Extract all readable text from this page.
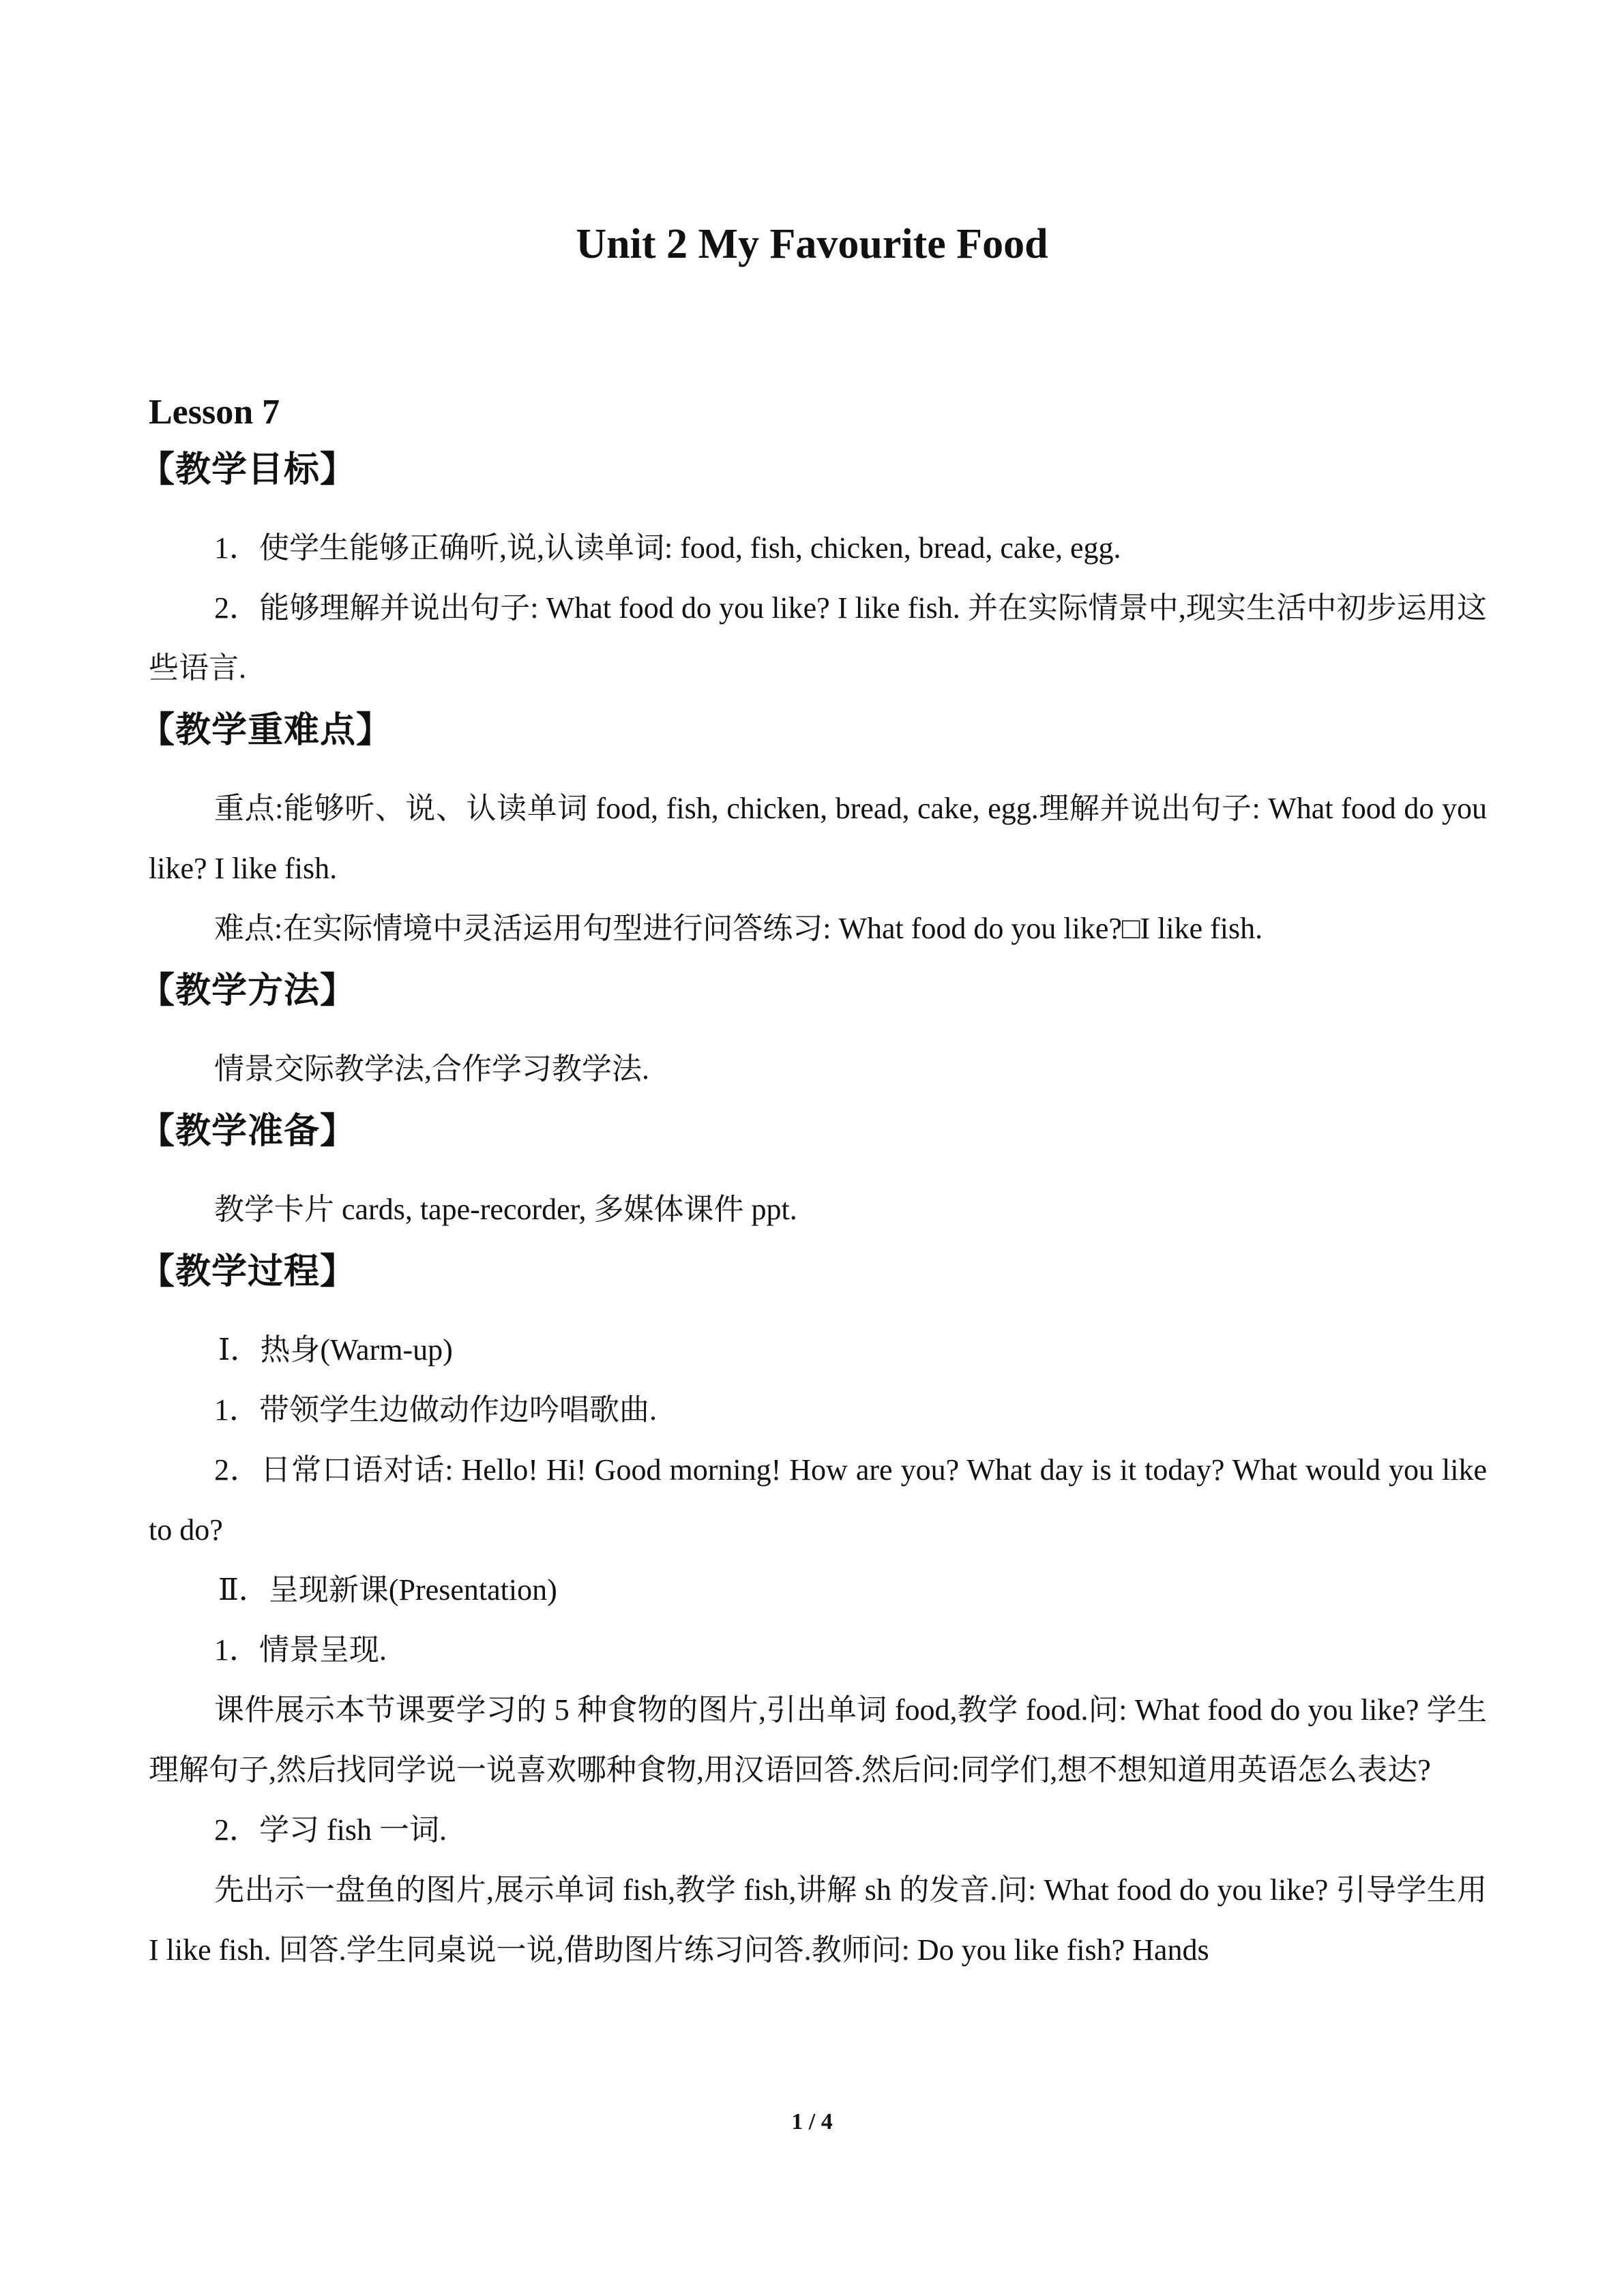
Unit 2 My Favourite Food
Lesson 7
【教学目标】

1．使学生能够正确听,说,认读单词: food, fish, chicken, bread, cake, egg.

2．能够理解并说出句子: What food do you like? I like fish. 并在实际情景中,现实生活中初步运用这些语言.

【教学重难点】

重点:能够听、说、认读单词 food, fish, chicken, bread, cake, egg.理解并说出句子: What food do you like? I like fish.

难点:在实际情境中灵活运用句型进行问答练习: What food do you like?□I like fish.

【教学方法】

情景交际教学法,合作学习教学法.

【教学准备】

教学卡片 cards, tape-recorder, 多媒体课件 ppt.

【教学过程】

Ⅰ．热身(Warm-up)

1．带领学生边做动作边吟唱歌曲.

2．日常口语对话: Hello! Hi! Good morning! How are you? What day is it today? What would you like to do?

Ⅱ．呈现新课(Presentation)

1．情景呈现.

课件展示本节课要学习的 5 种食物的图片,引出单词 food,教学 food.问: What food do you like? 学生理解句子,然后找同学说一说喜欢哪种食物,用汉语回答.然后问:同学们,想不想知道用英语怎么表达?

2．学习 fish 一词.

先出示一盘鱼的图片,展示单词 fish,教学 fish,讲解 sh 的发音.问: What food do you like? 引导学生用 I like fish. 回答.学生同桌说一说,借助图片练习问答.教师问: Do you like fish? Hands

1 / 4
